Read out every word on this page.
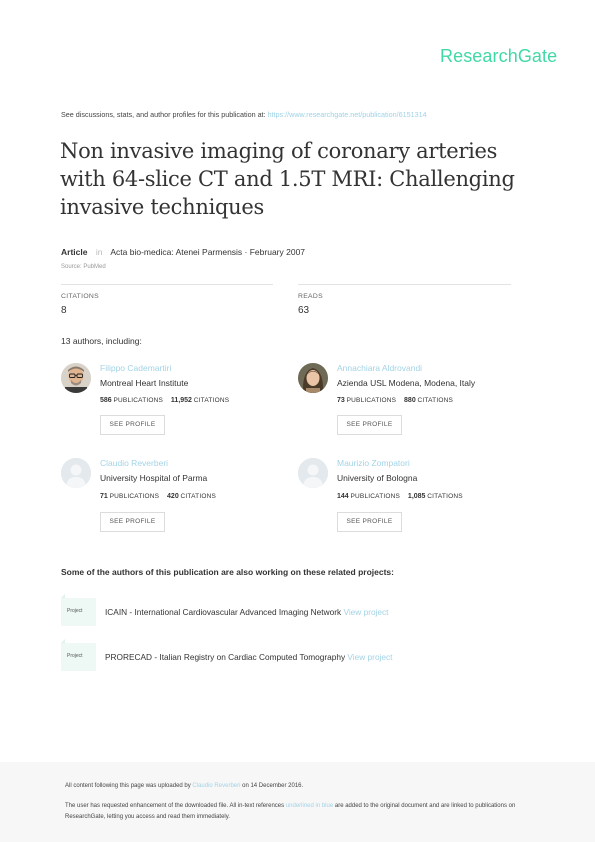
ResearchGate
See discussions, stats, and author profiles for this publication at: https://www.researchgate.net/publication/6151314
Non invasive imaging of coronary arteries with 64-slice CT and 1.5T MRI: Challenging invasive techniques
Article in Acta bio-medica: Atenei Parmensis · February 2007
Source: PubMed
CITATIONS
8
READS
63
13 authors, including:
Filippo Cademartiri
Montreal Heart Institute
586 PUBLICATIONS 11,952 CITATIONS
SEE PROFILE
Annachiara Aldrovandi
Azienda USL Modena, Modena, Italy
73 PUBLICATIONS 880 CITATIONS
SEE PROFILE
Claudio Reverberi
University Hospital of Parma
71 PUBLICATIONS 420 CITATIONS
SEE PROFILE
Maurizio Zompatori
University of Bologna
144 PUBLICATIONS 1,085 CITATIONS
SEE PROFILE
Some of the authors of this publication are also working on these related projects:
Project	ICAIN - International Cardiovascular Advanced Imaging Network View project
Project	PRORECAD - Italian Registry on Cardiac Computed Tomography View project
All content following this page was uploaded by Claudio Reverberi on 14 December 2016.
The user has requested enhancement of the downloaded file. All in-text references underlined in blue are added to the original document and are linked to publications on ResearchGate, letting you access and read them immediately.
